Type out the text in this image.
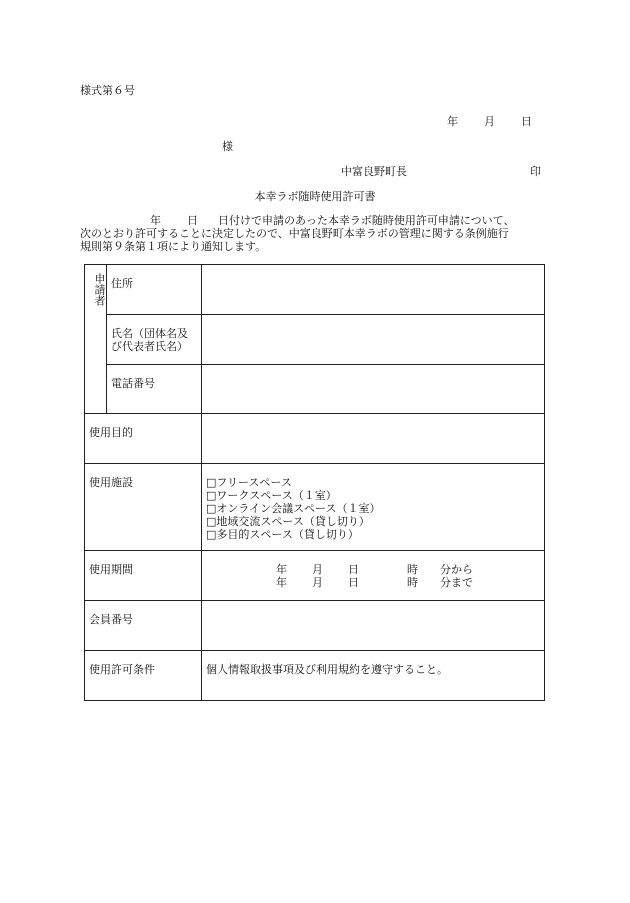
様式第６号
年 月 日
様
中富良野町長	印
本幸ラボ随時使用許可書
年 日 日付けで申請のあった本幸ラボ随時使用許可申請について、
次のとおり許可することに決定したので、中富良野町本幸ラボの管理に関する条例施行
規則第９条第１項により通知します。
申請者	住所	
	氏名（団体名及び代表者氏名）	
	電話番号	
使用目的		
使用施設		□フリースペース
□ワークスペース（１室）
□オンライン会議スペース（１室）
□地域交流スペース（貸し切り）
□多目的スペース（貸し切り）

使用期間		年 月 日 時 分から
年 月 日 時 分まで

会員番号		
使用許可条件		個人情報取扱事項及び利用規約を遵守すること。
